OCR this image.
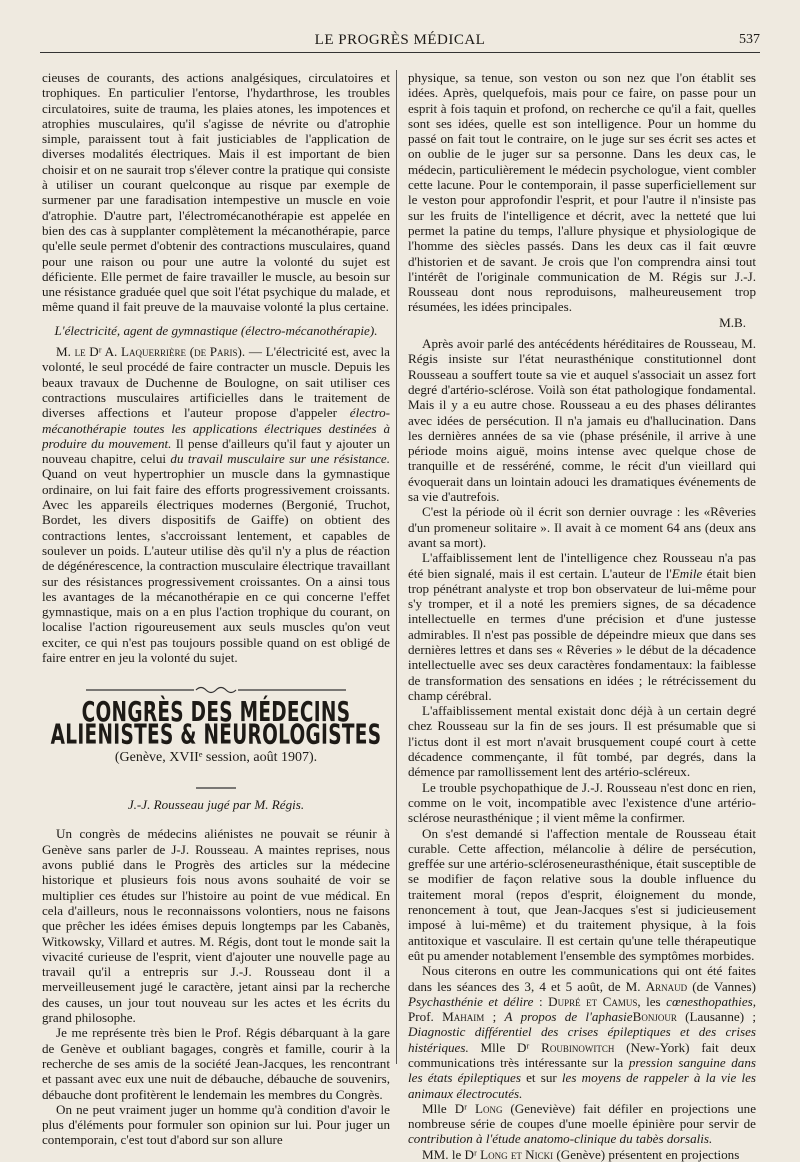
LE PROGRÈS MÉDICAL	537

cieuses de courants, des actions analgésiques, circulatoires et trophiques. En particulier l'entorse, l'hydarthrose, les troubles circulatoires, suite de trauma, les plaies atones, les impotences et atrophies musculaires, qu'il s'agisse de névrite ou d'atrophie simple, paraissent tout à fait justiciables de l'application de diverses modalités électriques. Mais il est important de bien choisir et on ne saurait trop s'élever contre la pratique qui consiste à utiliser un courant quelconque au risque par exemple de surmener par une faradisation intempestive un muscle en voie d'atrophie. D'autre part, l'électromécanothérapie est appelée en bien des cas à supplanter complètement la mécanothérapie, parce qu'elle seule permet d'obtenir des contractions musculaires, quand pour une raison ou pour une autre la volonté du sujet est déficiente. Elle permet de faire travailler le muscle, au besoin sur une résistance graduée quel que soit l'état psychique du malade, et même quand il fait preuve de la mauvaise volonté la plus certaine.

L'électricité, agent de gymnastique (électro-mécanothérapie).

M. le Dʳ A. Laquerrière (de Paris). — L'électricité est, avec la volonté, le seul procédé de faire contracter un muscle. Depuis les beaux travaux de Duchenne de Boulogne, on sait utiliser ces contractions musculaires artificielles dans le traitement de diverses affections et l'auteur propose d'appeler électro-mécanothérapie toutes les applications électriques destinées à produire du mouvement. Il pense d'ailleurs qu'il faut y ajouter un nouveau chapitre, celui du travail musculaire sur une résistance. Quand on veut hypertrophier un muscle dans la gymnastique ordinaire, on lui fait faire des efforts progressivement croissants. Avec les appareils électriques modernes (Bergonié, Truchot, Bordet, les divers dispositifs de Gaiffe) on obtient des contractions lentes, s'accroissant lentement, et capables de soulever un poids. L'auteur utilise dès qu'il n'y a plus de réaction de dégénérescence, la contraction musculaire électrique travaillant sur des résistances progressivement croissantes. On a ainsi tous les avantages de la mécanothérapie en ce qui concerne l'effet gymnastique, mais on a en plus l'action trophique du courant, on localise l'action rigoureusement aux seuls muscles qu'on veut exciter, ce qui n'est pas toujours possible quand on est obligé de faire entrer en jeu la volonté du sujet.

CONGRÈS DES MÉDECINS ALIÉNISTES & NEUROLOGISTES
(Genève, XVIIᵉ session, août 1907).
J.-J. Rousseau jugé par M. Régis.

Un congrès de médecins aliénistes ne pouvait se réunir à Genève sans parler de J-J. Rousseau. A maintes reprises, nous avons publié dans le Progrès des articles sur la médecine historique et plusieurs fois nous avons souhaité de voir se multiplier ces études sur l'histoire au point de vue médical. En cela d'ailleurs, nous le reconnaissons volontiers, nous ne faisons que prêcher les idées émises depuis longtemps par les Cabanès, Witkowsky, Villard et autres. M. Régis, dont tout le monde sait la vivacité curieuse de l'esprit, vient d'ajouter une nouvelle page au travail qu'il a entrepris sur J.-J. Rousseau dont il a merveilleusement jugé le caractère, jetant ainsi par la recherche des causes, un jour tout nouveau sur les actes et les écrits du grand philosophe.

Je me représente très bien le Prof. Régis débarquant à la gare de Genève et oubliant bagages, congrès et famille, courir à la recherche de ses amis de la société Jean-Jacques, les rencontrant et passant avec eux une nuit de débauche, débauche de souvenirs, débauche dont profitèrent le lendemain les membres du Congrès.

On ne peut vraiment juger un homme qu'à condition d'avoir le plus d'éléments pour formuler son opinion sur lui. Pour juger un contemporain, c'est tout d'abord sur son allure

physique, sa tenue, son veston ou son nez que l'on établit ses idées. Après, quelquefois, mais pour ce faire, on passe pour un esprit à fois taquin et profond, on recherche ce qu'il a fait, quelles sont ses idées, quelle est son intelligence. Pour un homme du passé on fait tout le contraire, on le juge sur ses écrit ses actes et on oublie de le juger sur sa personne. Dans les deux cas, le médecin, particulièrement le médecin psychologue, vient combler cette lacune. Pour le contemporain, il passe superficiellement sur le veston pour approfondir l'esprit, et pour l'autre il n'insiste pas sur les fruits de l'intelligence et décrit, avec la netteté que lui permet la patine du temps, l'allure physique et physiologique de l'homme des siècles passés. Dans les deux cas il fait œuvre d'historien et de savant. Je crois que l'on comprendra ainsi tout l'intérêt de l'originale communication de M. Régis sur J.-J. Rousseau dont nous reproduisons, malheureusement trop résumées, les idées principales.

M.B.

Après avoir parlé des antécédents héréditaires de Rousseau, M. Régis insiste sur l'état neurasthénique constitutionnel dont Rousseau a souffert toute sa vie et auquel s'associait un assez fort degré d'artério-sclérose. Voilà son état pathologique fondamental. Mais il y a eu autre chose. Rousseau a eu des phases délirantes avec idées de persécution. Il n'a jamais eu d'hallucination. Dans les dernières années de sa vie (phase présénile, il arrive à une période moins aiguë, moins intense avec quelque chose de tranquille et de resséréné, comme, le récit d'un vieillard qui évoquerait dans un lointain adouci les dramatiques événements de sa vie d'autrefois.

C'est la période où il écrit son dernier ouvrage : les «Rêveries d'un promeneur solitaire ». Il avait à ce moment 64 ans (deux ans avant sa mort).

L'affaiblissement lent de l'intelligence chez Rousseau n'a pas été bien signalé, mais il est certain. L'auteur de l'Emile était bien trop pénétrant analyste et trop bon observateur de lui-même pour s'y tromper, et il a noté les premiers signes, de sa décadence intellectuelle en termes d'une précision et d'une justesse admirables. Il n'est pas possible de dépeindre mieux que dans ses dernières lettres et dans ses « Rêveries » le début de la décadence intellectuelle avec ses deux caractères fondamentaux: la faiblesse de transformation des sensations en idées ; le rétrécissement du champ cérébral.

L'affaiblissement mental existait donc déjà à un certain degré chez Rousseau sur la fin de ses jours. Il est présumable que si l'ictus dont il est mort n'avait brusquement coupé court à cette décadence commençante, il fût tombé, par degrés, dans la démence par ramollissement lent des artério-scléreux.

Le trouble psychopathique de J.-J. Rousseau n'est donc en rien, comme on le voit, incompatible avec l'existence d'une artério-sclérose neurasthénique ; il vient même la confirmer.

On s'est demandé si l'affection mentale de Rousseau était curable. Cette affection, mélancolie à délire de persécution, greffée sur une artério-scléroseneurasthénique, était susceptible de se modifier de façon relative sous la double influence du traitement moral (repos d'esprit, éloignement du monde, renoncement à tout, que Jean-Jacques s'est si judicieusement imposé à lui-même) et du traitement physique, à la fois antitoxique et vasculaire. Il est certain qu'une telle thérapeutique eût pu amender notablement l'ensemble des symptômes morbides.

Nous citerons en outre les communications qui ont été faites dans les séances des 3, 4 et 5 août, de M. Arnaud (de Vannes) Psychasthénie et délire : Dupré et Camus, les cœnesthopathies, Prof. Mahaim ; A propos de l'aphasieBonjour (Lausanne) ; Diagnostic différentiel des crises épileptiques et des crises histériques. Mlle Dʳ Roubinowitch (New-York) fait deux communications très intéressante sur la pression sanguine dans les états épileptiques et sur les moyens de rappeler à la vie les animaux électrocutés.

Mlle Dʳ Long (Geneviève) fait défiler en projections une nombreuse série de coupes d'une moelle épinière pour servir de contribution à l'étude anatomo-clinique du tabès dorsalis.

MM. le Dʳ Long et Nicki (Genève) présentent en projections
